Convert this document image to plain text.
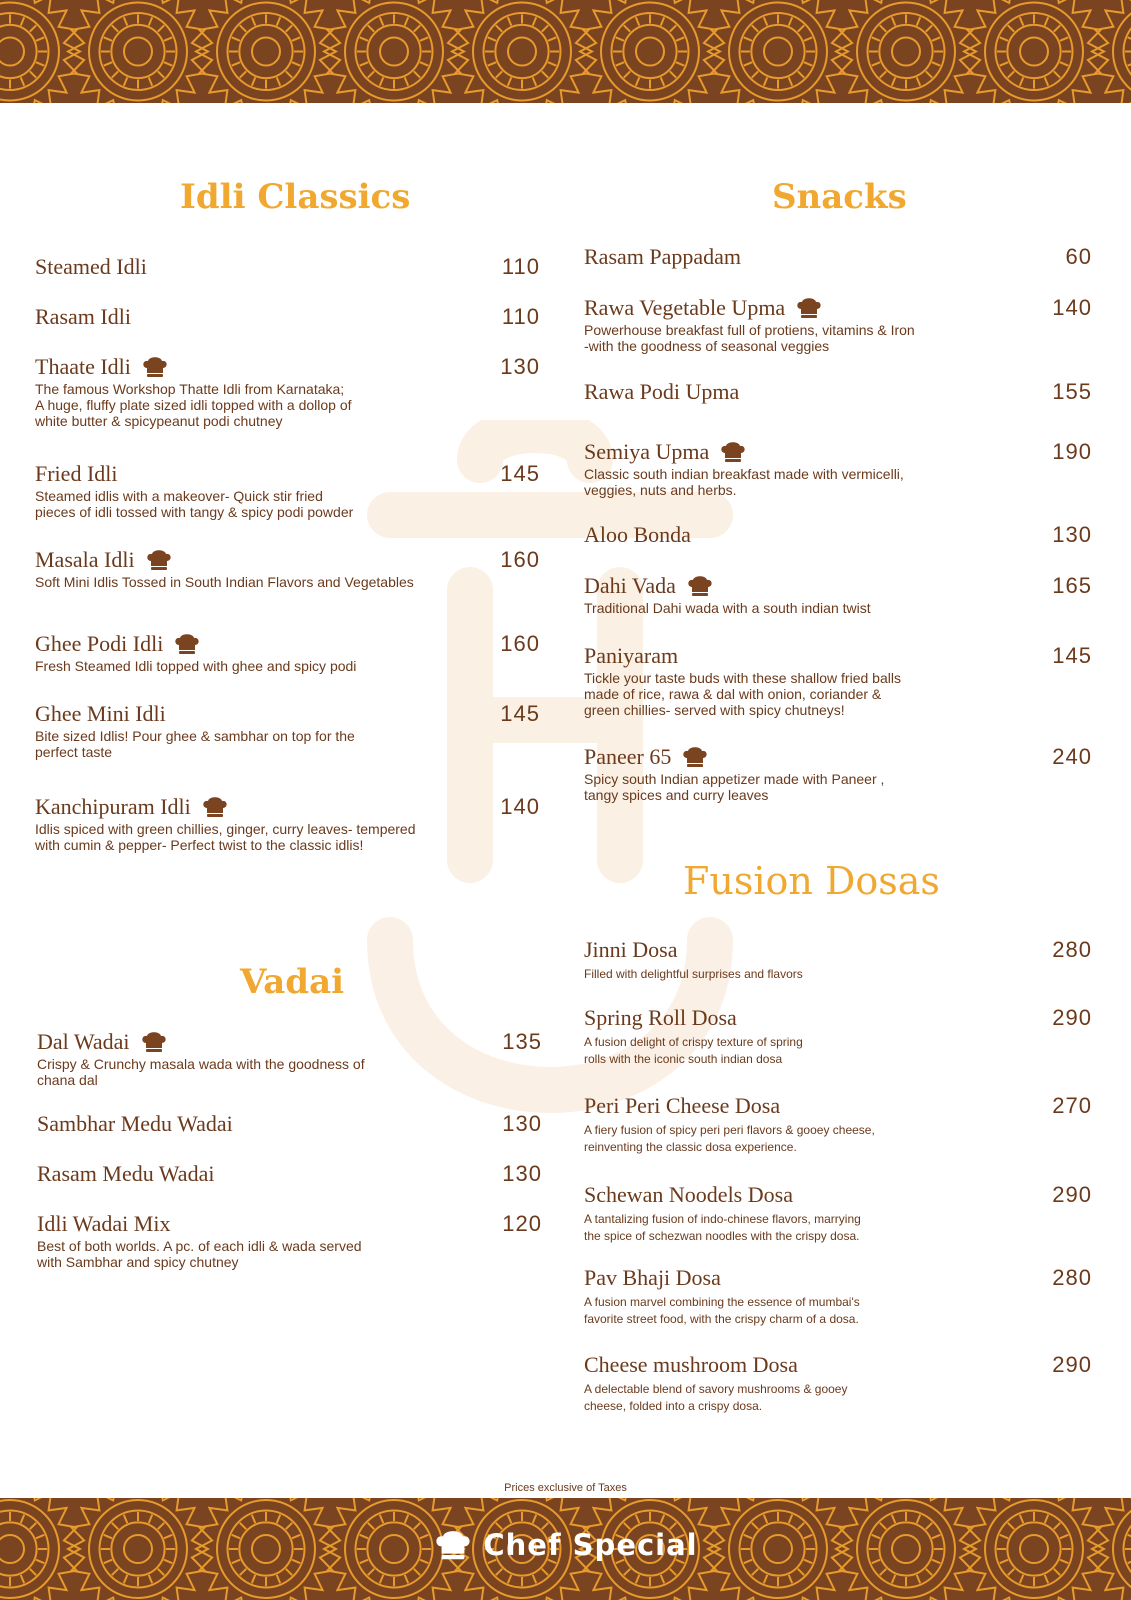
Idli Classics
Steamed Idli	110
Rasam Idli	110
Thaate Idli	130
The famous Workshop Thatte Idli from Karnataka;
A huge, fluffy plate sized idli topped with a dollop of
white butter & spicypeanut podi chutney
Fried Idli	145
Steamed idlis with a makeover- Quick stir fried
pieces of idli tossed with tangy & spicy podi powder
Masala Idli	160
Soft Mini Idlis Tossed in South Indian Flavors and Vegetables
Ghee Podi Idli	160
Fresh Steamed Idli topped with ghee and spicy podi
Ghee Mini Idli	145
Bite sized Idlis! Pour ghee & sambhar on top for the
perfect taste
Kanchipuram Idli	140
Idlis spiced with green chillies, ginger, curry leaves- tempered
with cumin & pepper- Perfect twist to the classic idlis!
Vadai
Dal Wadai	135
Crispy & Crunchy masala wada with the goodness of
chana dal
Sambhar Medu Wadai	130
Rasam Medu Wadai	130
Idli Wadai Mix	120
Best of both worlds. A pc. of each idli & wada served
with Sambhar and spicy chutney
Snacks
Rasam Pappadam	60
Rawa Vegetable Upma	140
Powerhouse breakfast full of protiens, vitamins & Iron
-with the goodness of seasonal veggies
Rawa Podi Upma	155
Semiya Upma	190
Classic south indian breakfast made with vermicelli,
veggies, nuts and herbs.
Aloo Bonda	130
Dahi Vada	165
Traditional Dahi wada with a south indian twist
Paniyaram	145
Tickle your taste buds with these shallow fried balls
made of rice, rawa & dal with onion, coriander &
green chillies- served with spicy chutneys!
Paneer 65	240
Spicy south Indian appetizer made with Paneer ,
tangy spices and curry leaves
Fusion Dosas
Jinni Dosa	280
Filled with delightful surprises and flavors
Spring Roll Dosa	290
A fusion delight of crispy texture of spring
rolls with the iconic south indian dosa
Peri Peri Cheese Dosa	270
A fiery fusion of spicy peri peri flavors & gooey cheese,
reinventing the classic dosa experience.
Schewan Noodels Dosa	290
A tantalizing fusion of indo-chinese flavors, marrying
the spice of schezwan noodles with the crispy dosa.
Pav Bhaji Dosa	280
A fusion marvel combining the essence of mumbai's
favorite street food, with the crispy charm of a dosa.
Cheese mushroom Dosa	290
A delectable blend of savory mushrooms & gooey
cheese, folded into a crispy dosa.
Prices exclusive of Taxes
Chef Special
